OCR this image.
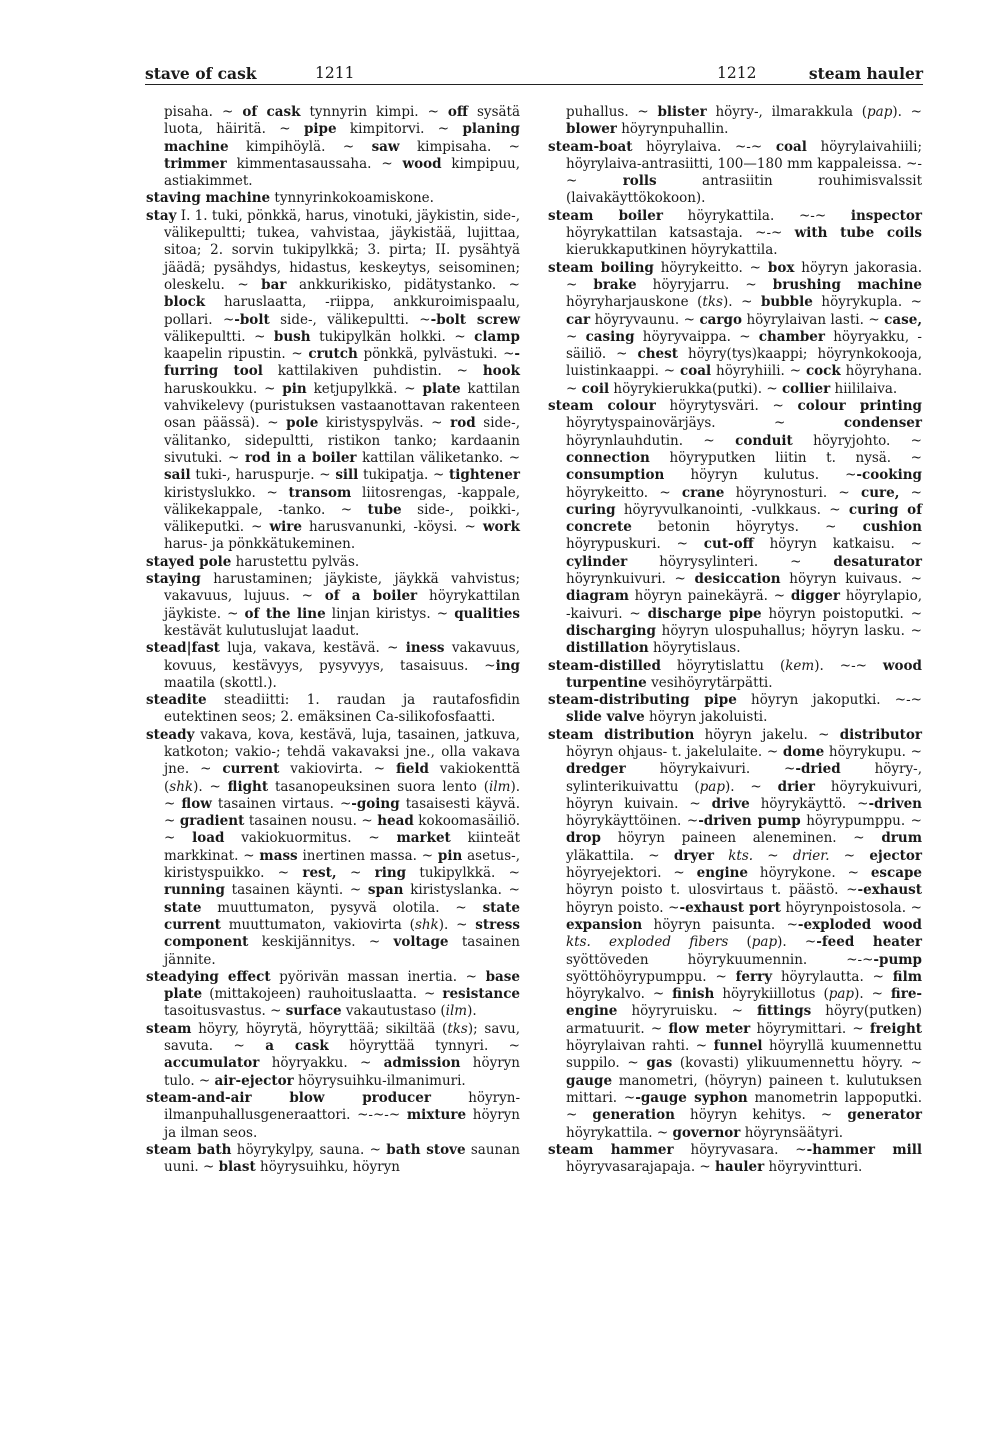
stave of cask	1211	1212	steam hauler

pisaha. ~ of cask tynnyrin kimpi. ~ off sysätä luota, häiritä. ~ pipe kimpitorvi. ~ planing machine kimpihöylä. ~ saw kimpisaha. ~ trimmer kimmentasaussaha. ~ wood kimpipuu, astiakimmet.

staving machine tynnyrinkokoamiskone.

stay I. 1. tuki, pönkkä, harus, vinotuki, jäykistin, side-, välikepultti; tukea, vahvistaa, jäykistää, lujittaa, sitoa; 2. sorvin tukipylkkä; 3. pirta; II. pysähtyä jäädä; pysähdys, hidastus, keskeytys, seisominen; oleskelu. ~ bar ankkurikisko, pidätystanko. ~ block haruslaatta, -riippa, ankkuroimispaalu, pollari. ~-bolt side-, välikepultti. ~-bolt screw välikepultti. ~ bush tukipylkän holkki. ~ clamp kaapelin ripustin. ~ crutch pönkkä, pylvästuki. ~-furring tool kattilakiven puhdistin. ~ hook haruskoukku. ~ pin ketjupylkkä. ~ plate kattilan vahvikelevy (puristuksen vastaanottavan rakenteen osan päässä). ~ pole kiristyspylväs. ~ rod side-, välitanko, sidepultti, ristikon tanko; kardaanin sivutuki. ~ rod in a boiler kattilan väliketanko. ~ sail tuki-, haruspurje. ~ sill tukipatja. ~ tightener kiristyslukko. ~ transom liitosrengas, -kappale, välikekappale, -tanko. ~ tube side-, poikki-, välikeputki. ~ wire harusvanunki, -köysi. ~ work harus- ja pönkkätukeminen.

stayed pole harustettu pylväs.

staying harustaminen; jäykiste, jäykkä vahvistus; vakavuus, lujuus. ~ of a boiler höyrykattilan jäykiste. ~ of the line linjan kiristys. ~ qualities kestävät kulutuslujat laadut.

stead|fast luja, vakava, kestävä. ~ iness vakavuus, kovuus, kestävyys, pysyvyys, tasaisuus. ~ing maatila (skottl.).

steadite steadiitti: 1. raudan ja rautafosfidin eutektinen seos; 2. emäksinen Ca-silikofosfaatti.

steady vakava, kova, kestävä, luja, tasainen, jatkuva, katkoton; vakio-; tehdä vakavaksi jne., olla vakava jne. ~ current vakiovirta. ~ field vakiokenttä (shk). ~ flight tasanopeuksinen suora lento (ilm). ~ flow tasainen virtaus. ~-going tasaisesti käyvä. ~ gradient tasainen nousu. ~ head kokoomasäiliö. ~ load vakiokuormitus. ~ market kiinteät markkinat. ~ mass inertinen massa. ~ pin asetus-, kiristyspuikko. ~ rest, ~ ring tukipylkkä. ~ running tasainen käynti. ~ span kiristyslanka. ~ state muuttumaton, pysyvä olotila. ~ state current muuttumaton, vakiovirta (shk). ~ stress component keskijännitys. ~ voltage tasainen jännite.

steadying effect pyörivän massan inertia. ~ base plate (mittakojeen) rauhoituslaatta. ~ resistance tasoitusvastus. ~ surface vakautustaso (ilm).

steam höyry, höyrytä, höyryttää; sikiltää (tks); savu, savuta. ~ a cask höyryttää tynnyri. ~ accumulator höyryakku. ~ admission höyryn tulo. ~ air-ejector höyrysuihku-ilmanimuri.

steam-and-air blow producer höyryn-ilmanpuhallusgeneraattori. ~-~-~ mixture höyryn ja ilman seos.

steam bath höyrykylpy, sauna. ~ bath stove saunan uuni. ~ blast höyrysuihku, höyryn

puhallus. ~ blister höyry-, ilmarakkula (pap). ~ blower höyrynpuhallin.

steam-boat höyrylaiva. ~-~ coal höyrylaivahiili; höyrylaiva-antrasiitti, 100—180 mm kappaleissa. ~-~ rolls antrasiitin rouhimisvalssit (laivakäyttökokoon).

steam boiler höyrykattila. ~-~ inspector höyrykattilan katsastaja. ~-~ with tube coils kierukkaputkinen höyrykattila.

steam boiling höyrykeitto. ~ box höyryn jakorasia. ~ brake höyryjarru. ~ brushing machine höyryharjauskone (tks). ~ bubble höyrykupla. ~ car höyryvaunu. ~ cargo höyrylaivan lasti. ~ case, ~ casing höyryvaippa. ~ chamber höyryakku, -säiliö. ~ chest höyry(tys)kaappi; höyrynkokooja, luistinkaappi. ~ coal höyryhiili. ~ cock höyryhana. ~ coil höyrykierukka(putki). ~ collier hiililaiva.

steam colour höyrytysväri. ~ colour printing höyrytyspainovärjäys. ~ condenser höyrynlauhdutin. ~ conduit höyryjohto. ~ connection höyryputken liitin t. nysä. ~ consumption höyryn kulutus. ~-cooking höyrykeitto. ~ crane höyrynosturi. ~ cure, ~ curing höyryvulkanointi, -vulkkaus. ~ curing of concrete betonin höyrytys. ~ cushion höyrypuskuri. ~ cut-off höyryn katkaisu. ~ cylinder höyrysylinteri. ~ desaturator höyrynkuivuri. ~ desiccation höyryn kuivaus. ~ diagram höyryn painekäyrä. ~ digger höyrylapio, -kaivuri. ~ discharge pipe höyryn poistoputki. ~ discharging höyryn ulospuhallus; höyryn lasku. ~ distillation höyrytislaus.

steam-distilled höyrytislattu (kem). ~-~ wood turpentine vesihöyrytärpätti.

steam-distributing pipe höyryn jakoputki. ~-~ slide valve höyryn jakoluisti.

steam distribution höyryn jakelu. ~ distributor höyryn ohjaus- t. jakelulaite. ~ dome höyrykupu. ~ dredger höyrykaivuri. ~-dried höyry-, sylinterikuivattu (pap). ~ drier höyrykuivuri, höyryn kuivain. ~ drive höyrykäyttö. ~-driven höyrykäyttöinen. ~-driven pump höyrypumppu. ~ drop höyryn paineen aleneminen. ~ drum yläkattila. ~ dryer kts. ~ drier. ~ ejector höyryejektori. ~ engine höyrykone. ~ escape höyryn poisto t. ulosvirtaus t. päästö. ~-exhaust höyryn poisto. ~-exhaust port höyrynpoistosola. ~ expansion höyryn paisunta. ~-exploded wood kts. exploded fibers (pap). ~-feed heater syöttöveden höyrykuumennin. ~-~-pump syöttöhöyrypumppu. ~ ferry höyrylautta. ~ film höyrykalvo. ~ finish höyrykiillotus (pap). ~ fire-engine höyryruisku. ~ fittings höyry(putken) armatuurit. ~ flow meter höyrymittari. ~ freight höyrylaivan rahti. ~ funnel höyryllä kuumennettu suppilo. ~ gas (kovasti) ylikuumennettu höyry. ~ gauge manometri, (höyryn) paineen t. kulutuksen mittari. ~-gauge syphon manometrin lappoputki. ~ generation höyryn kehitys. ~ generator höyrykattila. ~ governor höyrynsäätyri.

steam hammer höyryvasara. ~-hammer mill höyryvasarajapaja. ~ hauler höyryvintturi.
